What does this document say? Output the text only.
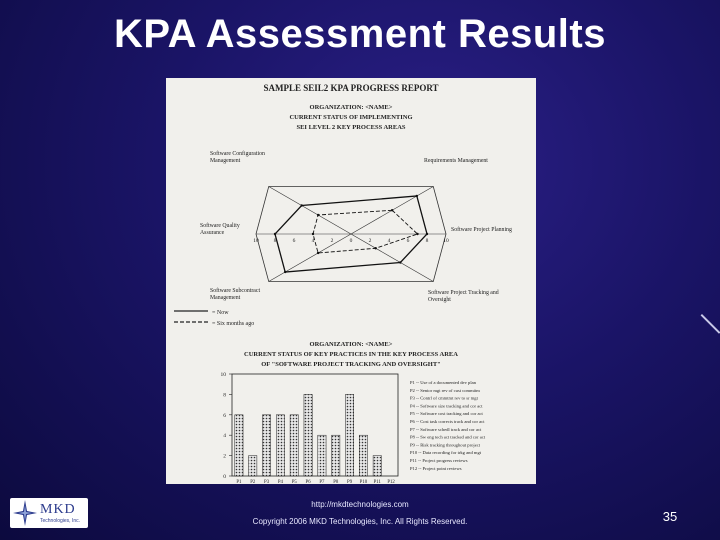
KPA Assessment Results
SAMPLE SEIL2 KPA PROGRESS REPORT
ORGANIZATION: <NAME>
CURRENT STATUS OF IMPLEMENTING
SEI LEVEL 2 KEY PROCESS AREAS
0	2
2	4
4	6
6	8
8	10
10
Requirements Management
Software Project Planning
Software Project Tracking and Oversight
Software Subcontract Management
Software Quality Assurance
Software Configuration Management
= Now
= Six months ago
ORGANIZATION: <NAME>
CURRENT STATUS OF KEY PRACTICES IN THE KEY PROCESS AREA
OF "SOFTWARE PROJECT TRACKING AND OVERSIGHT"
0
2
4
6
8
10
P1 P2 P3 P4 P5 P6 P7 P8 P9 P10 P11 P12
P1 -- Use of a documented dev plan
P2 -- Senior mgt rev of cust commitm
P3 -- Contrl of cmmtmt rev to sr mgt
P4 -- Software size tracking and cor act
P5 -- Software cost tracking and cor act
P6 -- Cost task corrects track and cor act
P7 -- Software schedl track and cor act
P8 -- Sw eng tech act tracked and cor act
P9 -- Risk tracking throughout project
P10 -- Data recording for trkg and mgt
P11 -- Project progress reviews
P12 -- Project point reviews
MKD
Technologies, Inc.
http://mkdtechnologies.com
Copyright 2006 MKD Technologies, Inc. All Rights Reserved.	35
